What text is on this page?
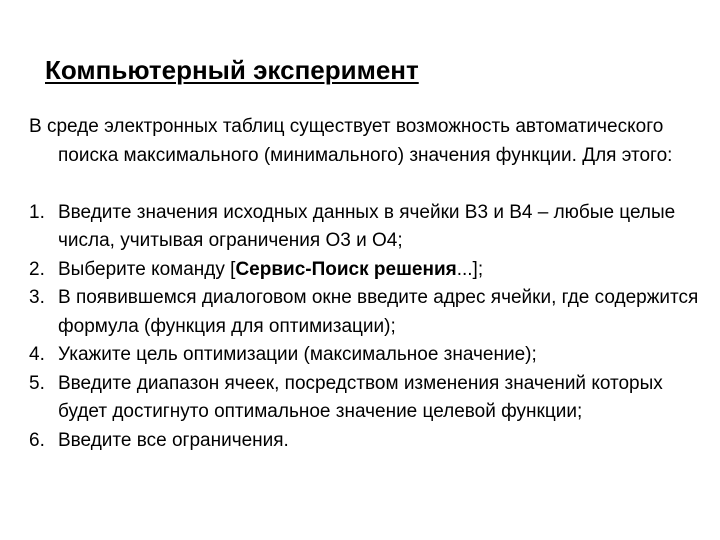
Компьютерный эксперимент

В среде электронных таблиц существует возможность автоматического поиска максимального (минимального) значения функции. Для этого:

1. Введите значения исходных данных в ячейки B3 и B4 – любые целые числа, учитывая ограничения O3 и O4;
2. Выберите команду [Сервис-Поиск решения...];
3. В появившемся диалоговом окне введите адрес ячейки, где содержится формула (функция для оптимизации);
4. Укажите цель оптимизации (максимальное значение);
5. Введите диапазон ячеек, посредством изменения значений которых будет достигнуто оптимальное значение целевой функции;
6. Введите все ограничения.
